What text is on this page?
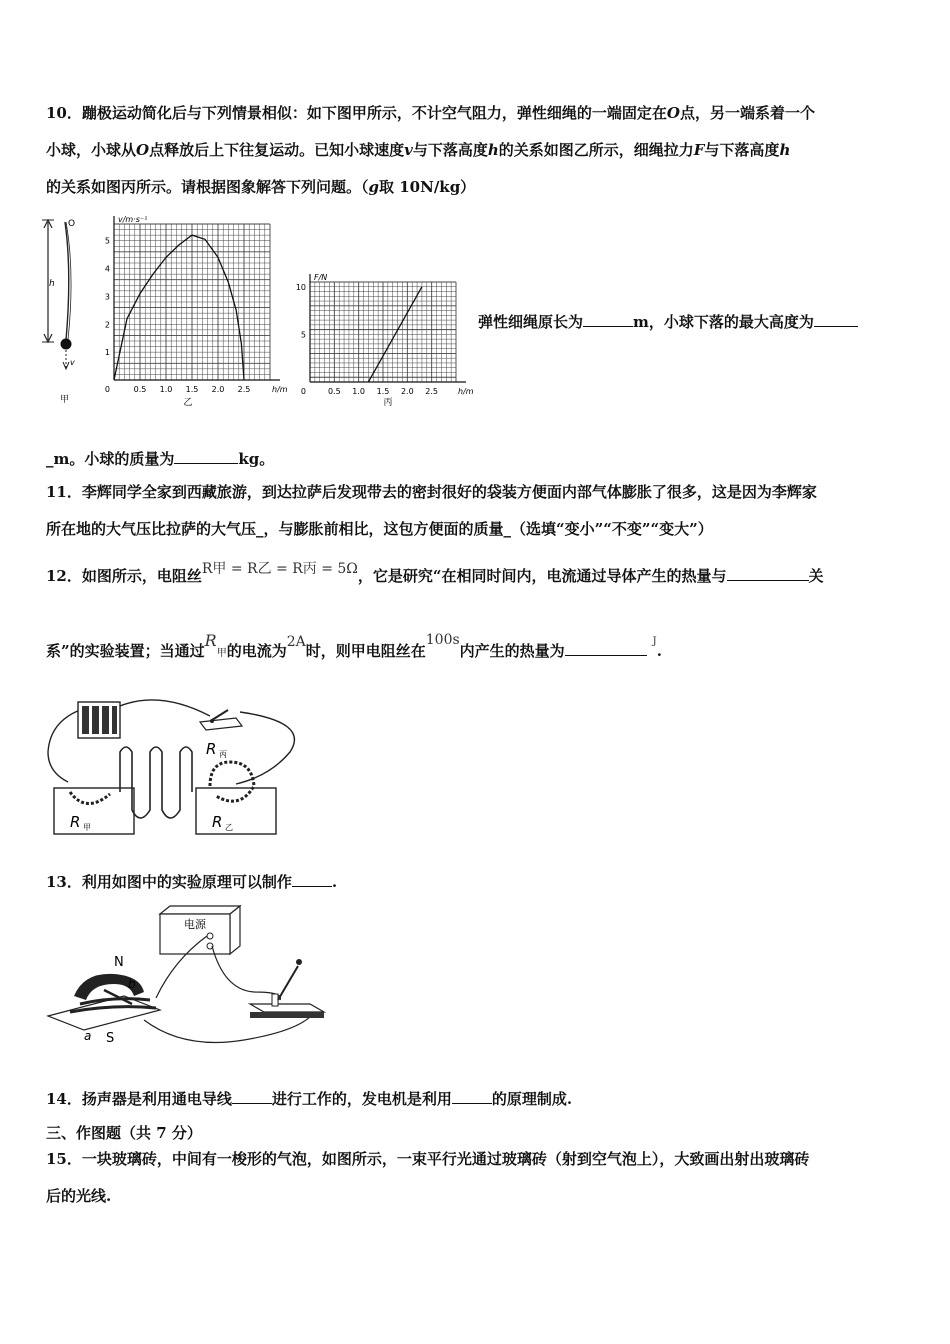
10．蹦极运动简化后与下列情景相似：如下图甲所示，不计空气阻力，弹性细绳的一端固定在O点，另一端系着一个
小球，小球从O点释放后上下往复运动。已知小球速度v与下落高度h的关系如图乙所示，细绳拉力F与下落高度h
的关系如图丙所示。请根据图象解答下列问题。（g取 10N/kg）
h
O
v
甲
0.5 1.0 1.5 2.0 2.5
1
2
3
4
5
0	h/m
v/m·s⁻¹
乙
0.5 1.0 1.5 2.0 2.5
5
10
0	h/m
F/N
丙
弹性细绳原长为	m，小球下落的最大高度为
_m。小球的质量为	kg。
11．李辉同学全家到西藏旅游，到达拉萨后发现带去的密封很好的袋装方便面内部气体膨胀了很多，这是因为李辉家
所在地的大气压比拉萨的大气压_，与膨胀前相比，这包方便面的质量_（选填“变小”“不变”“变大”）
12．如图所示，电阻丝R甲 = R乙 = R丙 = 5Ω，它是研究“在相同时间内，电流通过导体产生的热量与	关
系”的实验装置；当通过R甲的电流为2A时，则甲电阻丝在100s内产生的热量为$^J$.
R 丙
R 甲	R 乙
13．利用如图中的实验原理可以制作	.
电源
N
S
b
a
14．扬声器是利用通电导线	进行工作的，发电机是利用	的原理制成.
三、作图题（共 7 分）
15．一块玻璃砖，中间有一梭形的气泡，如图所示，一束平行光通过玻璃砖（射到空气泡上），大致画出射出玻璃砖
后的光线.
